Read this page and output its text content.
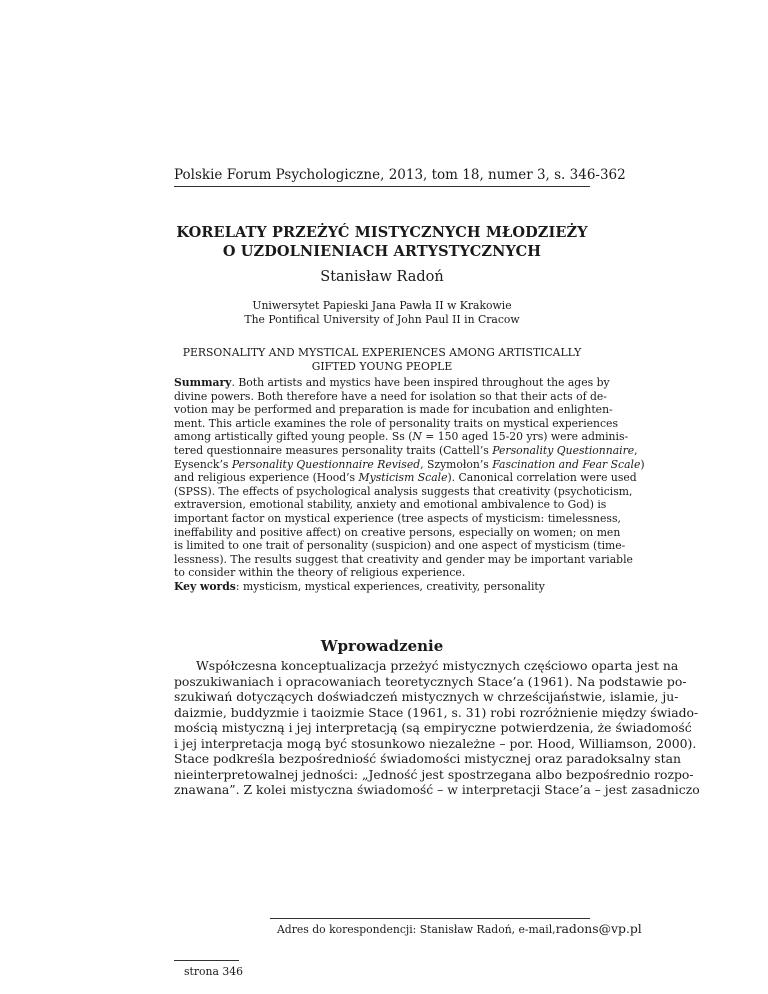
Polskie Forum Psychologiczne, 2013, tom 18, numer 3, s. 346-362
KORELATY PRZEŻYĆ MISTYCZNYCH MŁODZIEŻY
O UZDOLNIENIACH ARTYSTYCZNYCH
Stanisław Radoń
Uniwersytet Papieski Jana Pawła II w Krakowie
The Pontifical University of John Paul II in Cracow
PERSONALITY AND MYSTICAL EXPERIENCES AMONG ARTISTICALLY
GIFTED YOUNG PEOPLE
Summary. Both artists and mystics have been inspired throughout the ages by
divine powers. Both therefore have a need for isolation so that their acts of de-
votion may be performed and preparation is made for incubation and enlighten-
ment. This article examines the role of personality traits on mystical experiences
among artistically gifted young people. Ss (N = 150 aged 15-20 yrs) were adminis-
tered questionnaire measures personality traits (Cattell’s Personality Questionnaire,
Eysenck’s Personality Questionnaire Revised, Szymołon’s Fascination and Fear Scale)
and religious experience (Hood’s Mysticism Scale). Canonical correlation were used
(SPSS). The effects of psychological analysis suggests that creativity (psychoticism,
extraversion, emotional stability, anxiety and emotional ambivalence to God) is
important factor on mystical experience (tree aspects of mysticism: timelessness,
ineffability and positive affect) on creative persons, especially on women; on men
is limited to one trait of personality (suspicion) and one aspect of mysticism (time-
lessness). The results suggest that creativity and gender may be important variable
to consider within the theory of religious experience.
Key words: mysticism, mystical experiences, creativity, personality
Wprowadzenie
Współczesna konceptualizacja przeżyć mistycznych częściowo oparta jest na
poszukiwaniach i opracowaniach teoretycznych Stace’a (1961). Na podstawie po-
szukiwań dotyczących doświadczeń mistycznych w chrześcijaństwie, islamie, ju-
daizmie, buddyzmie i taoizmie Stace (1961, s. 31) robi rozróżnienie między świado-
mością mistyczną i jej interpretacją (są empiryczne potwierdzenia, że świadomość
i jej interpretacja mogą być stosunkowo niezależne – por. Hood, Williamson, 2000).
Stace podkreśla bezpośredniość świadomości mistycznej oraz paradoksalny stan
nieinterpretowalnej jedności: „Jedność jest spostrzegana albo bezpośrednio rozpo-
znawana”. Z kolei mistyczna świadomość – w interpretacji Stace’a – jest zasadniczo
Adres do korespondencji: Stanisław Radoń, e-mail,radons@vp.pl
strona 346
